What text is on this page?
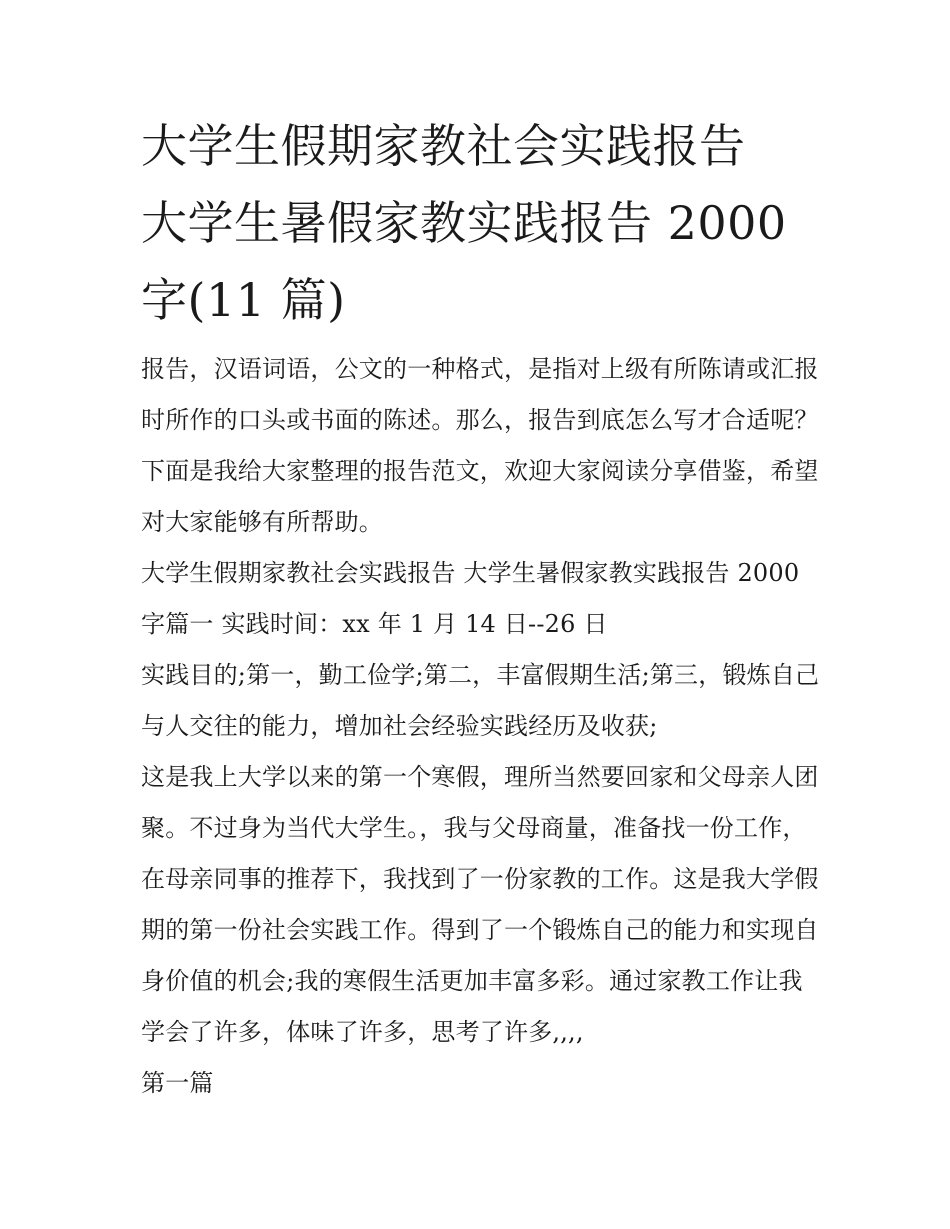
大学生假期家教社会实践报告
大学生暑假家教实践报告 2000
字(11 篇)

报告，汉语词语，公文的一种格式，是指对上级有所陈请或汇报时所作的口头或书面的陈述。那么，报告到底怎么写才合适呢？下面是我给大家整理的报告范文，欢迎大家阅读分享借鉴，希望对大家能够有所帮助。

大学生假期家教社会实践报告 大学生暑假家教实践报告 2000字篇一 实践时间：xx 年 1 月 14 日--26 日

实践目的;第一，勤工俭学;第二，丰富假期生活;第三，锻炼自己与人交往的能力，增加社会经验实践经历及收获;

这是我上大学以来的第一个寒假，理所当然要回家和父母亲人团聚。不过身为当代大学生。，我与父母商量，准备找一份工作，在母亲同事的推荐下，我找到了一份家教的工作。这是我大学假期的第一份社会实践工作。得到了一个锻炼自己的能力和实现自身价值的机会;我的寒假生活更加丰富多彩。通过家教工作让我学会了许多，体味了许多，思考了许多,,,,

第一篇
